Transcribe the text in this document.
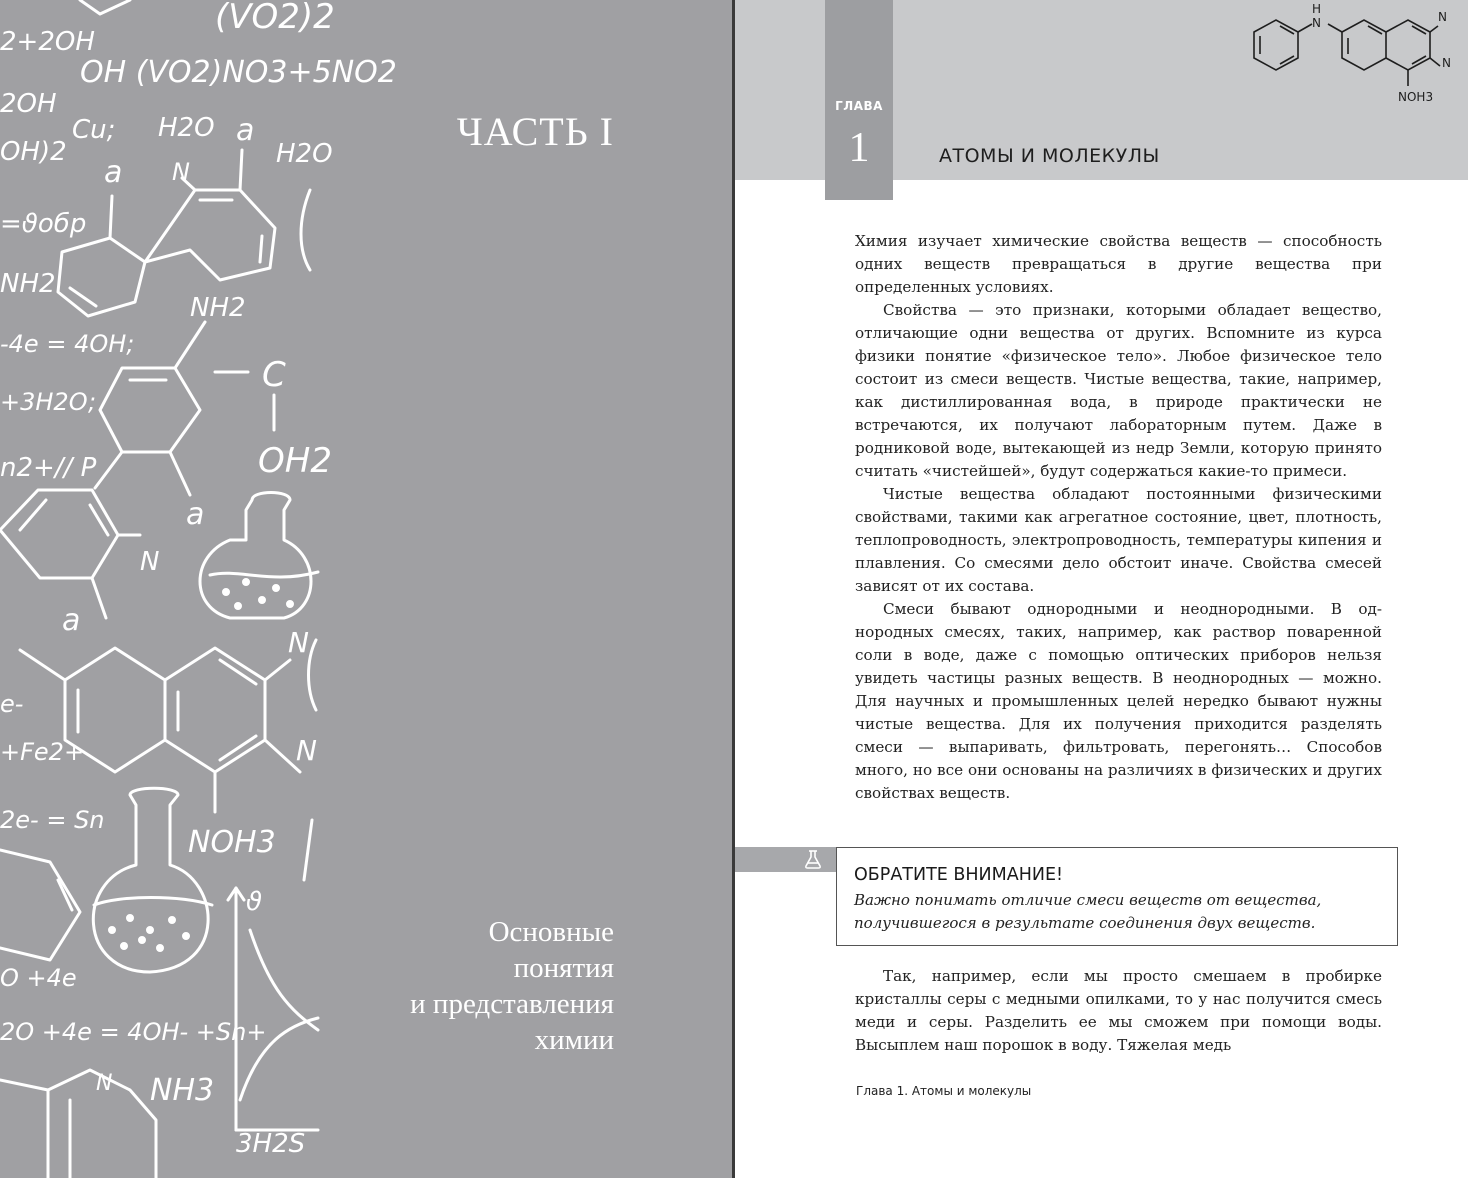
2+2OH
(VO2)2
OH (VO2)NO3+5NO2
2OH
Cu; H2O a
OH)2	H2O
a N
=ϑобр
NH2
NH2
-4e = 4OH;
C
+3H2O;
OH2
n2+// P
a
N
a
N
e-
+Fe2+	N
2e- = Sn
NOH3
ϑ
O +4e
2O +4e = 4OH- +Sn+
N NH3
3H2S
ЧАСТЬ I
Основные
понятия
и представления
химии
ГЛАВА
1	АТОМЫ И МОЛЕКУЛЫ
H
N	N
N
NOH3

Химия изучает химические свойства веществ — способность одних веществ превращаться в другие вещества при определенных условиях.

Свойства — это признаки, которыми обладает вещество, отличающие одни вещества от других. Вспомните из курса физики понятие «физическое тело». Любое физическое тело состоит из смеси веществ. Чистые вещества, такие, например, как дистиллированная вода, в природе практически не встречаются, их получают лабораторным путем. Даже в родниковой воде, вытекающей из недр Земли, которую принято считать «чистейшей», будут содержаться какие-то примеси.

Чистые вещества обладают постоянными физическими свойствами, такими как агрегатное состояние, цвет, плотность, теплопроводность, электропроводность, температуры кипения и плавления. Со смесями дело обстоит иначе. Свойства смесей зависят от их состава.

Смеси бывают однородными и неоднородными. В однородных смесях, таких, например, как раствор поваренной соли в воде, даже с помощью оптических приборов нельзя увидеть частицы разных веществ. В неоднородных — можно. Для научных и промышленных целей нередко бывают нужны чистые вещества. Для их получения приходится разделять смеси — выпаривать, фильтровать, перегонять… Способов много, но все они основаны на различиях в физических и других свойствах веществ.

ОБРАТИТЕ ВНИМАНИЕ!
Важно понимать отличие смеси веществ от вещества, получившегося в результате соединения двух веществ.

Так, например, если мы просто смешаем в пробирке кристаллы серы с медными опилками, то у нас получится смесь меди и серы. Разделить ее мы сможем при помощи воды. Высыплем наш порошок в воду. Тяжелая медь

Глава 1. Атомы и молекулы
